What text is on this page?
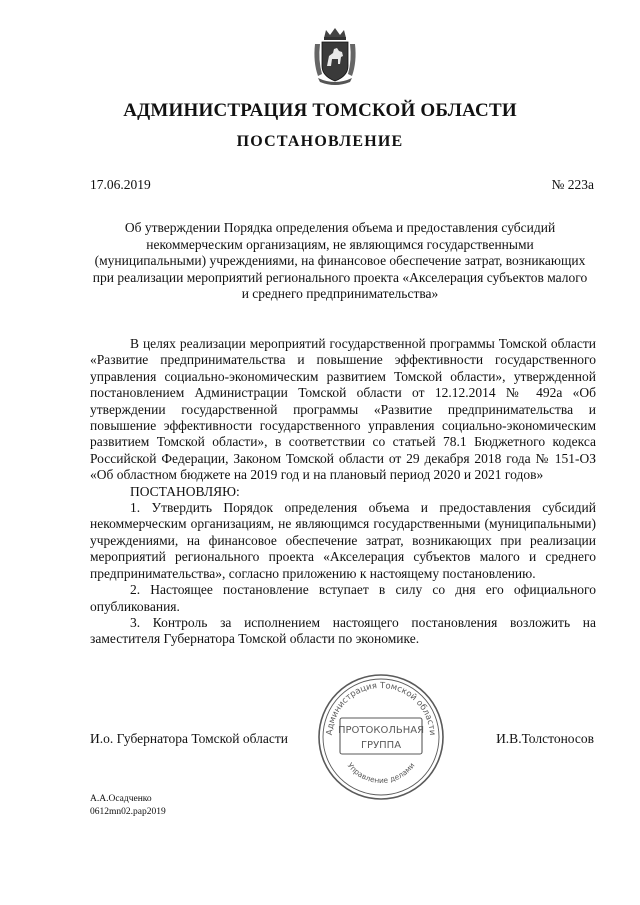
АДМИНИСТРАЦИЯ ТОМСКОЙ ОБЛАСТИ
ПОСТАНОВЛЕНИЕ
17.06.2019	№ 223а
Об утверждении Порядка определения объема и предоставления субсидий некоммерческим организациям, не являющимся государственными (муниципальными) учреждениями, на финансовое обеспечение затрат, возникающих при реализации мероприятий регионального проекта «Акселерация субъектов малого и среднего предпринимательства»

В целях реализации мероприятий государственной программы Томской области «Развитие предпринимательства и повышение эффективности государственного управления социально-экономическим развитием Томской области», утвержденной постановлением Администрации Томской области от 12.12.2014 № 492а «Об утверждении государственной программы «Развитие предпринимательства и повышение эффективности государственного управления социально-экономическим развитием Томской области», в соответствии со статьей 78.1 Бюджетного кодекса Российской Федерации, Законом Томской области от 29 декабря 2018 года № 151-ОЗ «Об областном бюджете на 2019 год и на плановый период 2020 и 2021 годов»

ПОСТАНОВЛЯЮ:

1. Утвердить Порядок определения объема и предоставления субсидий некоммерческим организациям, не являющимся государственными (муниципальными) учреждениями, на финансовое обеспечение затрат, возникающих при реализации мероприятий регионального проекта «Акселерация субъектов малого и среднего предпринимательства», согласно приложению к настоящему постановлению.

2. Настоящее постановление вступает в силу со дня его официального опубликования.

3. Контроль за исполнением настоящего постановления возложить на заместителя Губернатора Томской области по экономике.

И.о. Губернатора Томской области	И.В.Толстоносов
Администрация Томской области
ПРОТОКОЛЬНАЯ
ГРУППА
Управление делами
А.А.Осадченко
0612mn02.pap2019
